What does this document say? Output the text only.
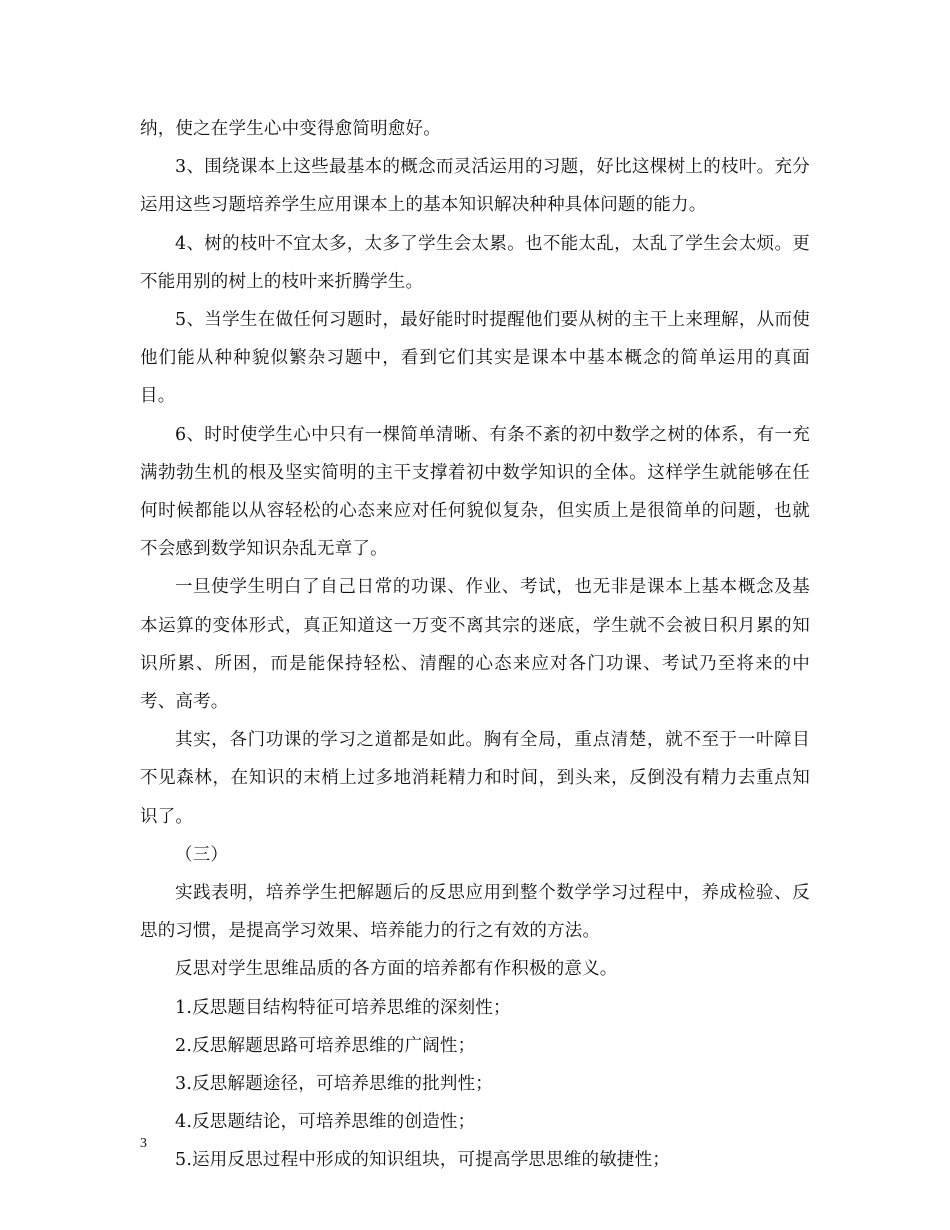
纳，使之在学生心中变得愈简明愈好。

3、围绕课本上这些最基本的概念而灵活运用的习题，好比这棵树上的枝叶。充分运用这些习题培养学生应用课本上的基本知识解决种种具体问题的能力。

4、树的枝叶不宜太多，太多了学生会太累。也不能太乱，太乱了学生会太烦。更不能用别的树上的枝叶来折腾学生。

5、当学生在做任何习题时，最好能时时提醒他们要从树的主干上来理解，从而使他们能从种种貌似繁杂习题中，看到它们其实是课本中基本概念的简单运用的真面目。

6、时时使学生心中只有一棵简单清晰、有条不紊的初中数学之树的体系，有一充满勃勃生机的根及坚实简明的主干支撑着初中数学知识的全体。这样学生就能够在任何时候都能以从容轻松的心态来应对任何貌似复杂，但实质上是很简单的问题，也就不会感到数学知识杂乱无章了。

一旦使学生明白了自己日常的功课、作业、考试，也无非是课本上基本概念及基本运算的变体形式，真正知道这一万变不离其宗的迷底，学生就不会被日积月累的知识所累、所困，而是能保持轻松、清醒的心态来应对各门功课、考试乃至将来的中考、高考。

其实，各门功课的学习之道都是如此。胸有全局，重点清楚，就不至于一叶障目不见森林，在知识的末梢上过多地消耗精力和时间，到头来，反倒没有精力去重点知识了。

（三）

实践表明，培养学生把解题后的反思应用到整个数学学习过程中，养成检验、反思的习惯，是提高学习效果、培养能力的行之有效的方法。

反思对学生思维品质的各方面的培养都有作积极的意义。

1.反思题目结构特征可培养思维的深刻性；

2.反思解题思路可培养思维的广阔性；

3.反思解题途径，可培养思维的批判性；

4.反思题结论，可培养思维的创造性；

5.运用反思过程中形成的知识组块，可提高学思思维的敏捷性；

3
